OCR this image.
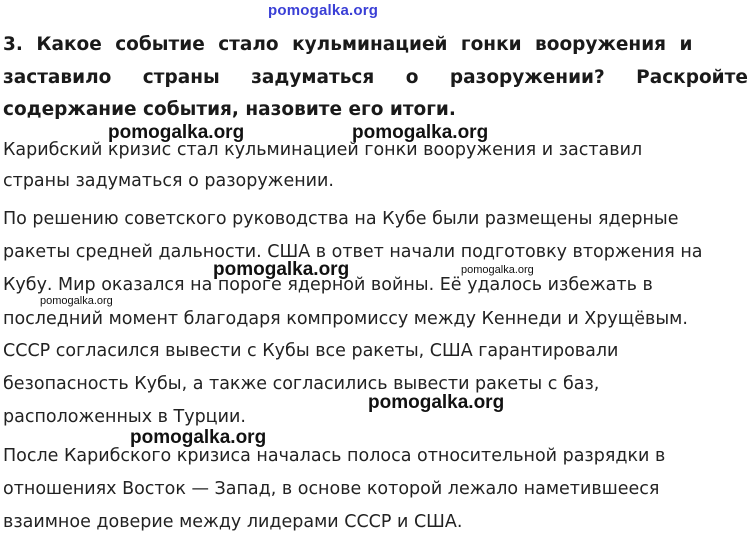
pomogalka.org
3. Какое событие стало кульминацией гонки вооружения и
заставило страны задуматься о разоружении? Раскройте
содержание события, назовите его итоги.
Карибский кризис стал кульминацией гонки вооружения и заставил
страны задуматься о разоружении.
По решению советского руководства на Кубе были размещены ядерные
ракеты средней дальности. США в ответ начали подготовку вторжения на
Кубу. Мир оказался на пороге ядерной войны. Её удалось избежать в
последний момент благодаря компромиссу между Кеннеди и Хрущёвым.
СССР согласился вывести с Кубы все ракеты, США гарантировали
безопасность Кубы, а также согласились вывести ракеты с баз,
расположенных в Турции.
После Карибского кризиса началась полоса относительной разрядки в
отношениях Восток — Запад, в основе которой лежало наметившееся
взаимное доверие между лидерами СССР и США.
pomogalka.org	pomogalka.org
pomogalka.org	pomogalka.org
pomogalka.org
pomogalka.org
pomogalka.org
